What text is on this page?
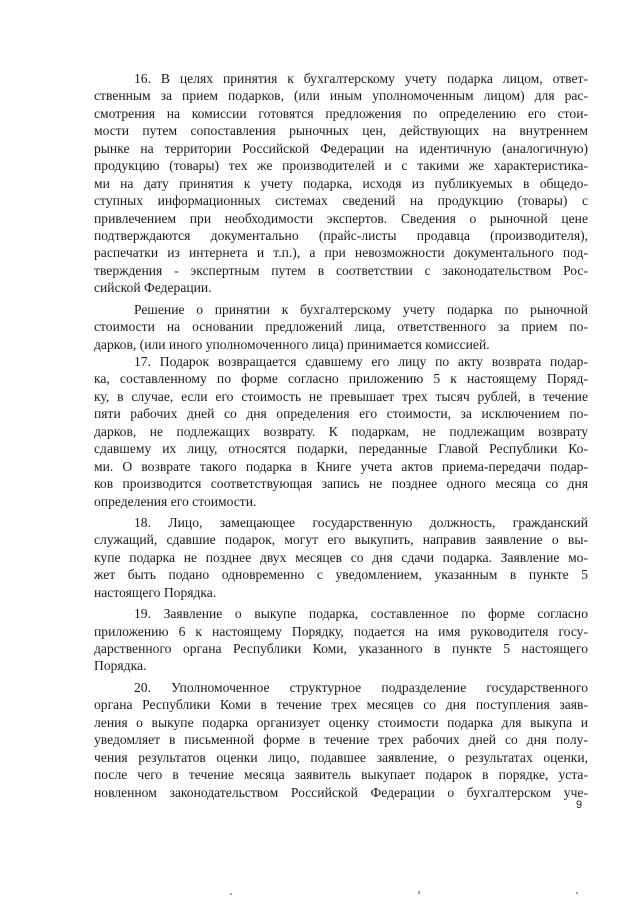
16. В целях принятия к бухгалтерскому учету подарка лицом, ответ-
ственным за прием подарков, (или иным уполномоченным лицом) для рас-
смотрения на комиссии готовятся предложения по определению его стои-
мости путем сопоставления рыночных цен, действующих на внутреннем
рынке на территории Российской Федерации на идентичную (аналогичную)
продукцию (товары) тех же производителей и с такими же характеристика-
ми на дату принятия к учету подарка, исходя из публикуемых в общедо-
ступных информационных системах сведений на продукцию (товары) с
привлечением при необходимости экспертов. Сведения о рыночной цене
подтверждаются документально (прайс-листы продавца (производителя),
распечатки из интернета и т.п.), а при невозможности документального под-
тверждения - экспертным путем в соответствии с законодательством Рос-
сийской Федерации.
Решение о принятии к бухгалтерскому учету подарка по рыночной
стоимости на основании предложений лица, ответственного за прием по-
дарков, (или иного уполномоченного лица) принимается комиссией.
17. Подарок возвращается сдавшему его лицу по акту возврата подар-
ка, составленному по форме согласно приложению 5 к настоящему Поряд-
ку, в случае, если его стоимость не превышает трех тысяч рублей, в течение
пяти рабочих дней со дня определения его стоимости, за исключением по-
дарков, не подлежащих возврату. К подаркам, не подлежащим возврату
сдавшему их лицу, относятся подарки, переданные Главой Республики Ко-
ми. О возврате такого подарка в Книге учета актов приема-передачи подар-
ков производится соответствующая запись не позднее одного месяца со дня
определения его стоимости.
18. Лицо, замещающее государственную должность, гражданский
служащий, сдавшие подарок, могут его выкупить, направив заявление о вы-
купе подарка не позднее двух месяцев со дня сдачи подарка. Заявление мо-
жет быть подано одновременно с уведомлением, указанным в пункте 5
настоящего Порядка.
19. Заявление о выкупе подарка, составленное по форме согласно
приложению 6 к настоящему Порядку, подается на имя руководителя госу-
дарственного органа Республики Коми, указанного в пункте 5 настоящего
Порядка.
20. Уполномоченное структурное подразделение государственного
органа Республики Коми в течение трех месяцев со дня поступления заяв-
ления о выкупе подарка организует оценку стоимости подарка для выкупа и
уведомляет в письменной форме в течение трех рабочих дней со дня полу-
чения результатов оценки лицо, подавшее заявление, о результатах оценки,
после чего в течение месяца заявитель выкупает подарок в порядке, уста-
новленном законодательством Российской Федерации о бухгалтерском уче-
9
